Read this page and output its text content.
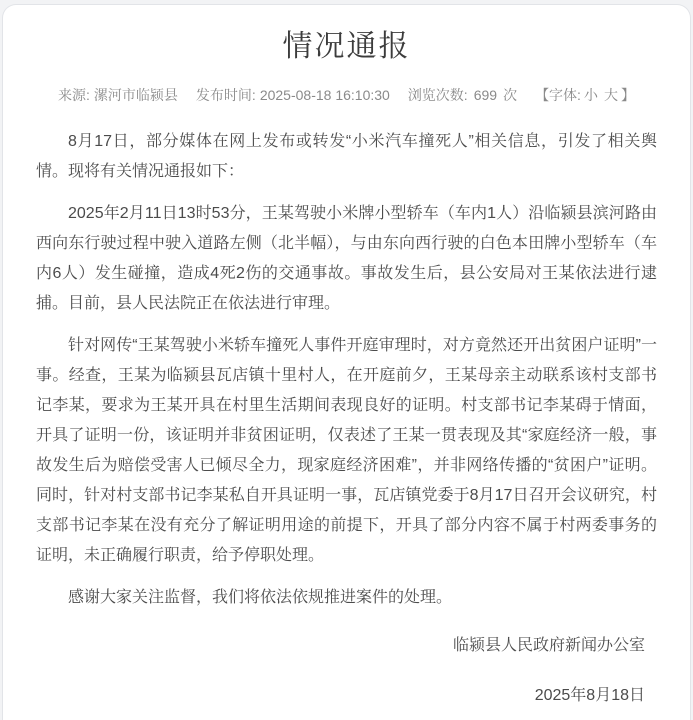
情况通报
来源: 漯河市临颍县 发布时间: 2025-08-18 16:10:30 浏览次数: 699 次 【字体: 小 大 】

8月17日，部分媒体在网上发布或转发“小米汽车撞死人”相关信息，引发了相关舆情。现将有关情况通报如下：

2025年2月11日13时53分，王某驾驶小米牌小型轿车（车内1人）沿临颍县滨河路由西向东行驶过程中驶入道路左侧（北半幅），与由东向西行驶的白色本田牌小型轿车（车内6人）发生碰撞，造成4死2伤的交通事故。事故发生后，县公安局对王某依法进行逮捕。目前，县人民法院正在依法进行审理。

针对网传“王某驾驶小米轿车撞死人事件开庭审理时，对方竟然还开出贫困户证明”一事。经查，王某为临颍县瓦店镇十里村人，在开庭前夕，王某母亲主动联系该村支部书记李某，要求为王某开具在村里生活期间表现良好的证明。村支部书记李某碍于情面，开具了证明一份，该证明并非贫困证明，仅表述了王某一贯表现及其“家庭经济一般，事故发生后为赔偿受害人已倾尽全力，现家庭经济困难”，并非网络传播的“贫困户”证明。同时，针对村支部书记李某私自开具证明一事，瓦店镇党委于8月17日召开会议研究，村支部书记李某在没有充分了解证明用途的前提下，开具了部分内容不属于村两委事务的证明，未正确履行职责，给予停职处理。

感谢大家关注监督，我们将依法依规推进案件的处理。

临颍县人民政府新闻办公室
2025年8月18日
